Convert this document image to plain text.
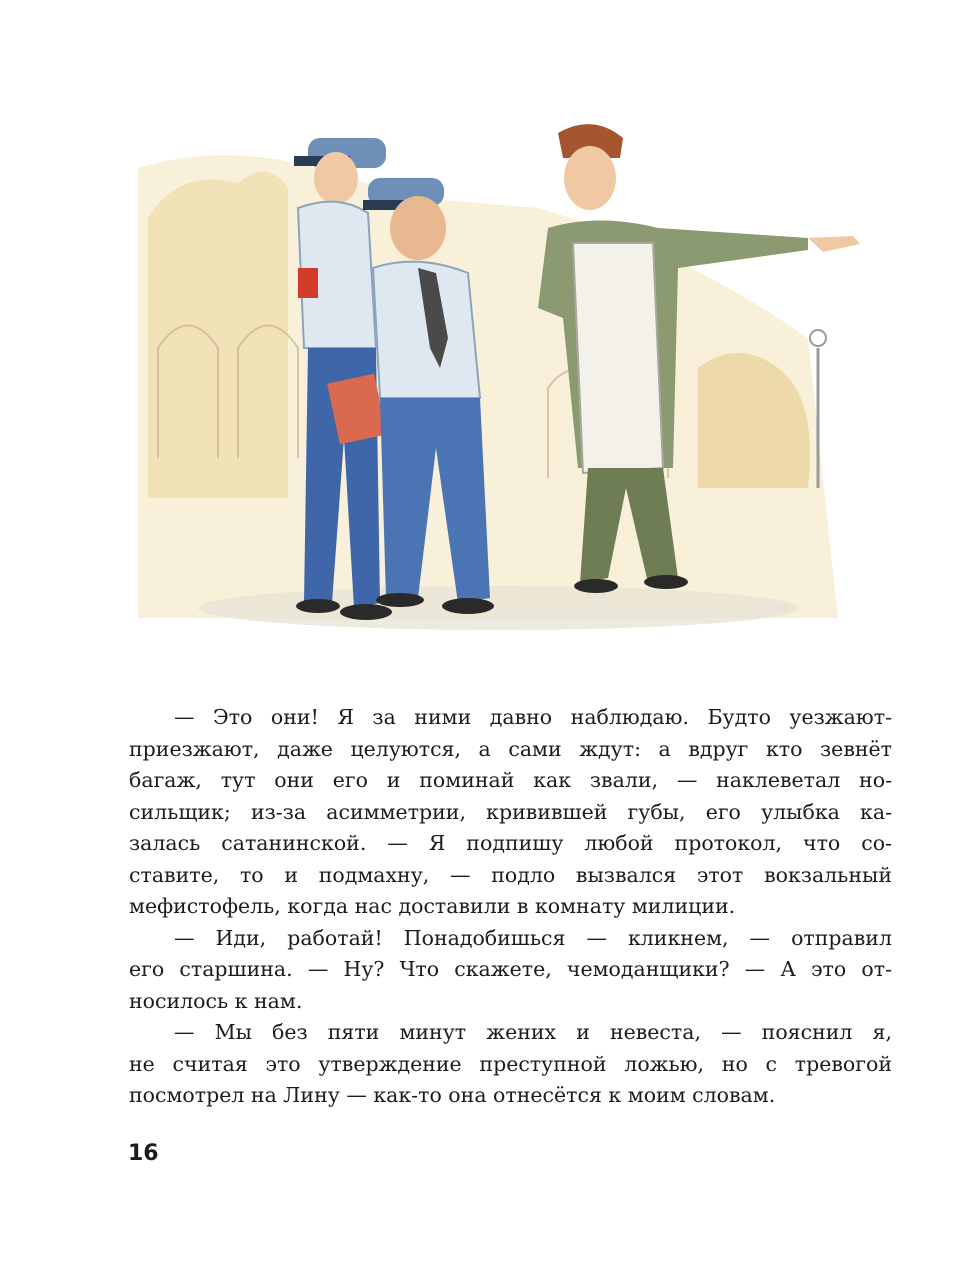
— Это они! Я за ними давно наблюдаю. Будто уезжают-
приезжают, даже целуются, а сами ждут: а вдруг кто зевнёт
багаж, тут они его и поминай как звали, — наклеветал но-
сильщик; из-за асимметрии, кривившей губы, его улыбка ка-
залась сатанинской. — Я подпишу любой протокол, что со-
ставите, то и подмахну, — подло вызвался этот вокзальный
мефистофель, когда нас доставили в комнату милиции.
— Иди, работай! Понадобишься — кликнем, — отправил
его старшина. — Ну? Что скажете, чемоданщики? — А это от-
носилось к нам.
— Мы без пяти минут жених и невеста, — пояснил я,
не считая это утверждение преступной ложью, но с тревогой
посмотрел на Лину — как-то она отнесётся к моим словам.
16
